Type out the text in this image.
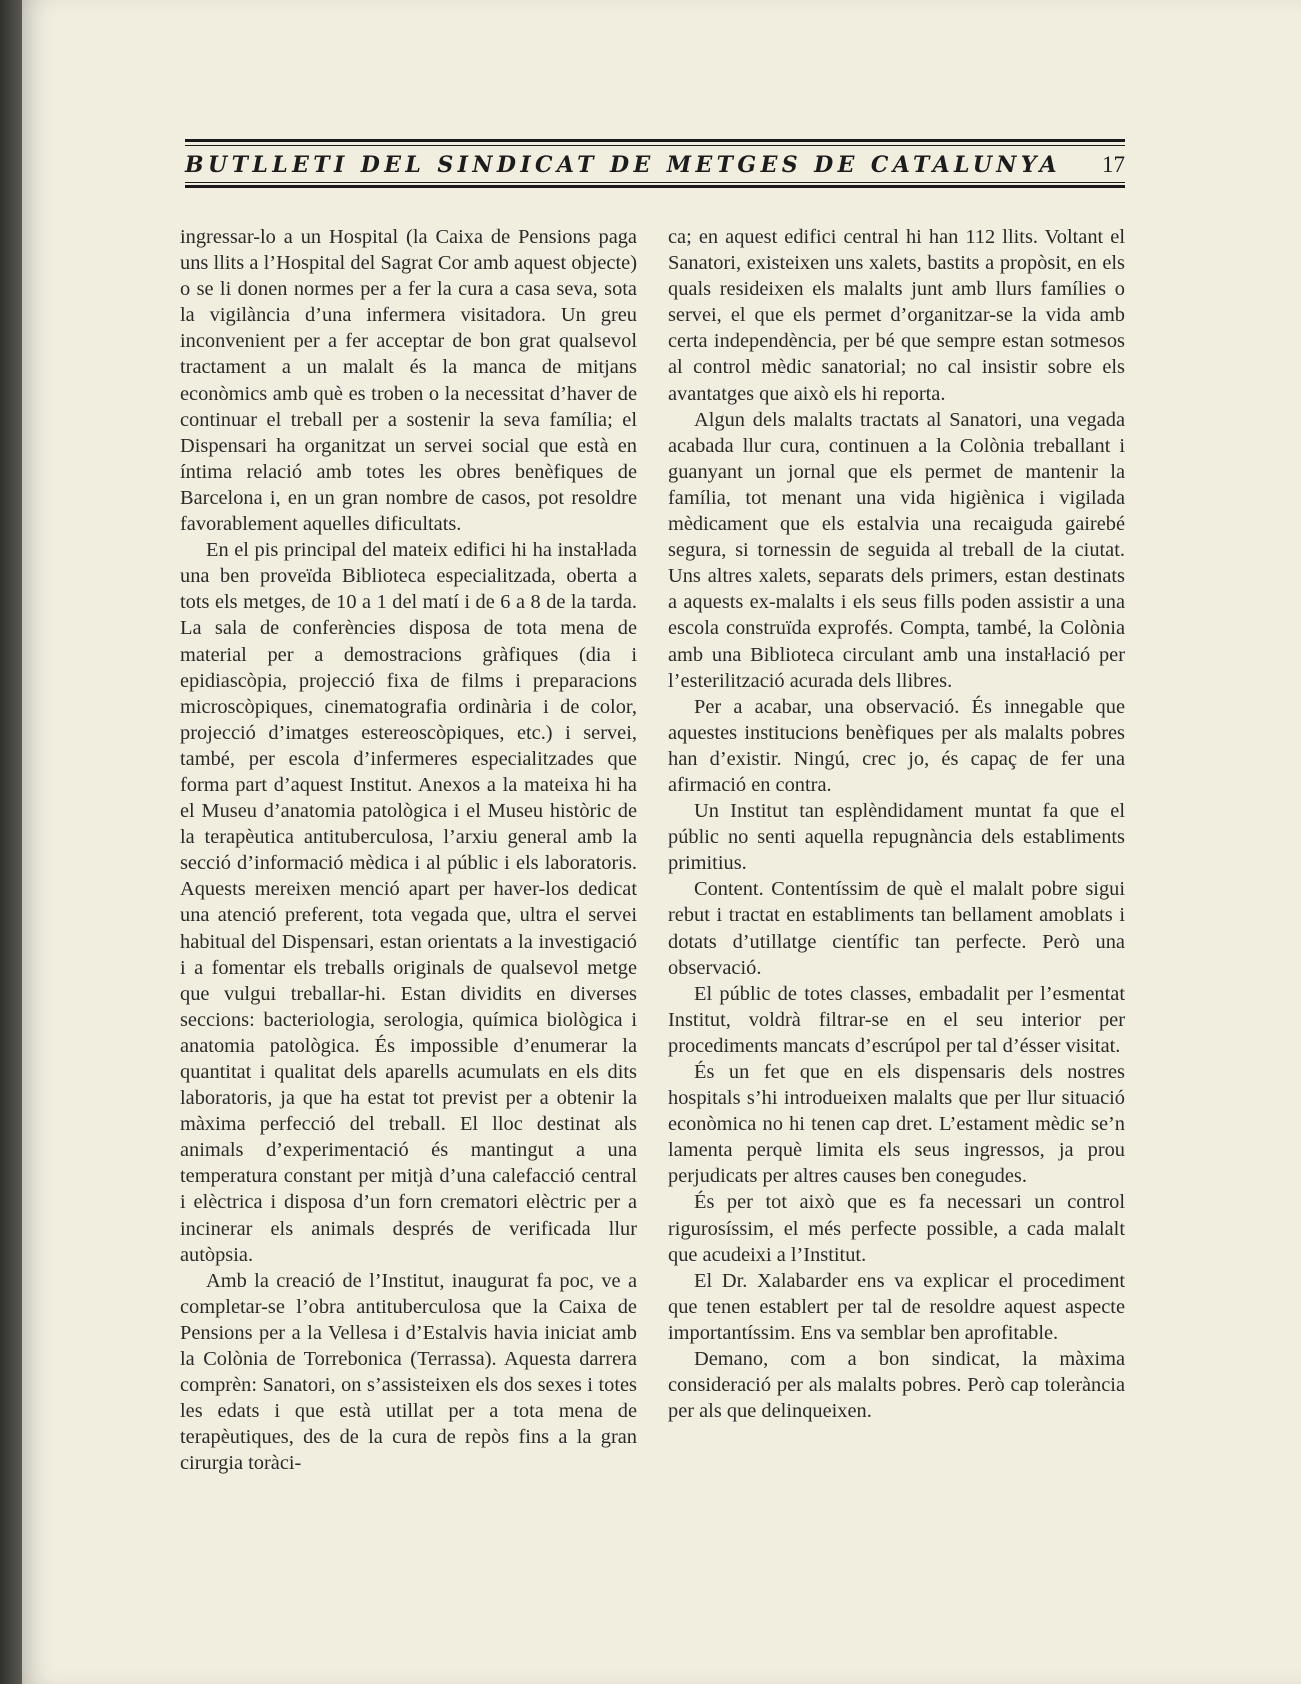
BUTLLETI DEL SINDICAT DE METGES DE CATALUNYA	17

ingressar-lo a un Hospital (la Caixa de Pensions paga uns llits a l’Hospital del Sagrat Cor amb aquest objecte) o se li donen normes per a fer la cura a casa seva, sota la vigilància d’una infermera visitadora. Un greu inconvenient per a fer acceptar de bon grat qualsevol tractament a un malalt és la manca de mitjans econòmics amb què es troben o la necessitat d’haver de continuar el treball per a sostenir la seva família; el Dispensari ha organitzat un servei social que està en íntima relació amb totes les obres benèfiques de Barcelona i, en un gran nombre de casos, pot resoldre favorablement aquelles dificultats.

En el pis principal del mateix edifici hi ha instaŀlada una ben proveïda Biblioteca especialitzada, oberta a tots els metges, de 10 a 1 del matí i de 6 a 8 de la tarda. La sala de conferències disposa de tota mena de material per a demostracions gràfiques (dia i epidiascòpia, projecció fixa de films i preparacions microscòpiques, cinematografia ordinària i de color, projecció d’imatges estereoscòpiques, etc.) i servei, també, per escola d’infermeres especialitzades que forma part d’aquest Institut. Anexos a la mateixa hi ha el Museu d’anatomia patològica i el Museu històric de la terapèutica antituberculosa, l’arxiu general amb la secció d’informació mèdica i al públic i els laboratoris. Aquests mereixen menció apart per haver-los dedicat una atenció preferent, tota vegada que, ultra el servei habitual del Dispensari, estan orientats a la investigació i a fomentar els treballs originals de qualsevol metge que vulgui treballar-hi. Estan dividits en diverses seccions: bacteriologia, serologia, química biològica i anatomia patològica. És impossible d’enumerar la quantitat i qualitat dels aparells acumulats en els dits laboratoris, ja que ha estat tot previst per a obtenir la màxima perfecció del treball. El lloc destinat als animals d’experimentació és mantingut a una temperatura constant per mitjà d’una calefacció central i elèctrica i disposa d’un forn crematori elèctric per a incinerar els animals després de verificada llur autòpsia.

Amb la creació de l’Institut, inaugurat fa poc, ve a completar-se l’obra antituberculosa que la Caixa de Pensions per a la Vellesa i d’Estalvis havia iniciat amb la Colònia de Torrebonica (Terrassa). Aquesta darrera comprèn: Sanatori, on s’assisteixen els dos sexes i totes les edats i que està utillat per a tota mena de terapèutiques, des de la cura de repòs fins a la gran cirurgia toràci-

ca; en aquest edifici central hi han 112 llits. Voltant el Sanatori, existeixen uns xalets, bastits a propòsit, en els quals resideixen els malalts junt amb llurs famílies o servei, el que els permet d’organitzar-se la vida amb certa independència, per bé que sempre estan sotmesos al control mèdic sanatorial; no cal insistir sobre els avantatges que això els hi reporta.

Algun dels malalts tractats al Sanatori, una vegada acabada llur cura, continuen a la Colònia treballant i guanyant un jornal que els permet de mantenir la família, tot menant una vida higiènica i vigilada mèdicament que els estalvia una recaiguda gairebé segura, si tornessin de seguida al treball de la ciutat. Uns altres xalets, separats dels primers, estan destinats a aquests ex-malalts i els seus fills poden assistir a una escola construïda exprofés. Compta, també, la Colònia amb una Biblioteca circulant amb una instaŀlació per l’esterilització acurada dels llibres.

Per a acabar, una observació. És innegable que aquestes institucions benèfiques per als malalts pobres han d’existir. Ningú, crec jo, és capaç de fer una afirmació en contra.

Un Institut tan esplèndidament muntat fa que el públic no senti aquella repugnància dels establiments primitius.

Content. Contentíssim de què el malalt pobre sigui rebut i tractat en establiments tan bellament amoblats i dotats d’utillatge científic tan perfecte. Però una observació.

El públic de totes classes, embadalit per l’esmentat Institut, voldrà filtrar-se en el seu interior per procediments mancats d’escrúpol per tal d’ésser visitat.

És un fet que en els dispensaris dels nostres hospitals s’hi introdueixen malalts que per llur situació econòmica no hi tenen cap dret. L’estament mèdic se’n lamenta perquè limita els seus ingressos, ja prou perjudicats per altres causes ben conegudes.

És per tot això que es fa necessari un control rigurosíssim, el més perfecte possible, a cada malalt que acudeixi a l’Institut.

El Dr. Xalabarder ens va explicar el procediment que tenen establert per tal de resoldre aquest aspecte importantíssim. Ens va semblar ben aprofitable.

Demano, com a bon sindicat, la màxima consideració per als malalts pobres. Però cap tolerància per als que delinqueixen.
